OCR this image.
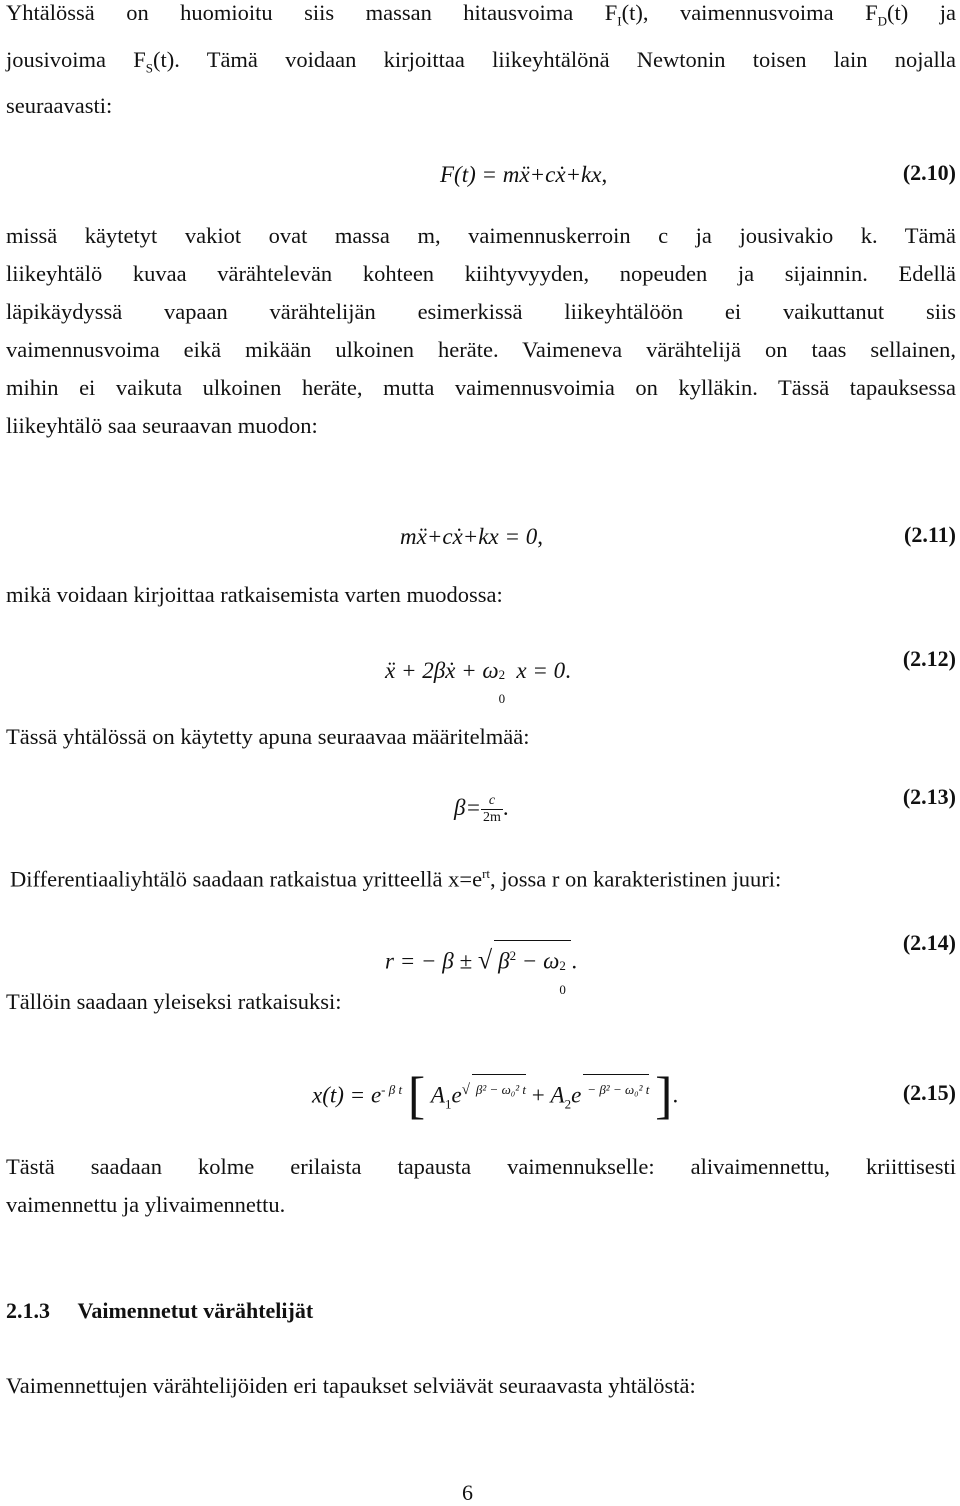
Yhtälössä on huomioitu siis massan hitausvoima $F_I(t)$, vaimennusvoima $F_D(t)$ ja
jousivoima $F_S(t)$. Tämä voidaan kirjoittaa liikeyhtälönä Newtonin toisen lain nojalla
seuraavasti:
F(t) = mẍ+cẋ+kx,	(2.10)
missä käytetyt vakiot ovat massa m, vaimennuskerroin c ja jousivakio k. Tämä
liikeyhtälö kuvaa värähtelevän kohteen kiihtyvyyden, nopeuden ja sijainnin. Edellä
läpikäydyssä vapaan värähtelijän esimerkissä liikeyhtälöön ei vaikuttanut siis
vaimennusvoima eikä mikään ulkoinen heräte. Vaimeneva värähtelijä on taas sellainen,
mihin ei vaikuta ulkoinen heräte, mutta vaimennusvoimia on kylläkin. Tässä tapauksessa
liikeyhtälö saa seuraavan muodon:
mẍ+cẋ+kx = 0,	(2.11)
mikä voidaan kirjoittaa ratkaisemista varten muodossa:
ẍ + 2βẋ + ω 2
0
x = 0.	(2.12)
Tässä yhtälössä on käytetty apuna seuraavaa määritelmää:
$\beta= \frac{c}{2m}$ .	(2.13)
Differentiaaliyhtälö saadaan ratkaistua yritteellä $x=e^{rt}$, jossa r on karakteristinen juuri:
r = − β ± √ $\beta^2 - \omega$ 2
0
.
(2.14)
Tällöin saadaan yleiseksi ratkaisuksi:
$x(t) = e^{- \beta t}$ [ $A_1e^{√ \beta^2 - \omega_0^2 t} + A_2e$ $^{- \beta^2 - \omega_0^2 t}$ ].	(2.15)
Tästä saadaan kolme erilaista tapausta vaimennukselle: alivaimennettu, kriittisesti
vaimennettu ja ylivaimennettu.
2.1.3 Vaimennetut värähtelijät
Vaimennettujen värähtelijöiden eri tapaukset selviävät seuraavasta yhtälöstä:
6
